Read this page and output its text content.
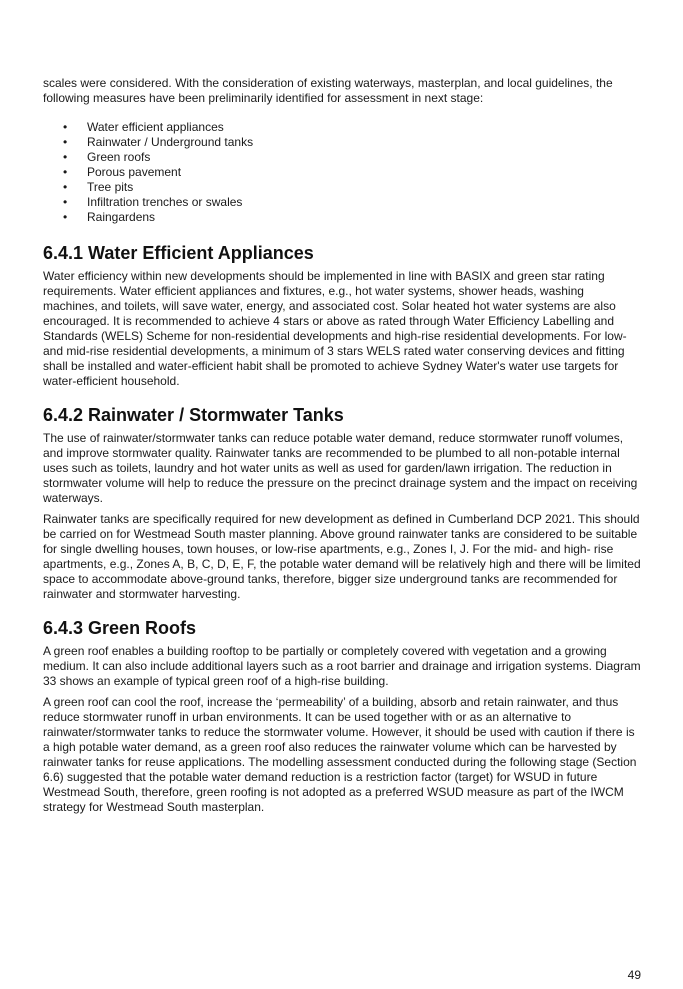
scales were considered. With the consideration of existing waterways, masterplan, and local guidelines, the following measures have been preliminarily identified for assessment in next stage:

• Water efficient appliances
• Rainwater / Underground tanks
• Green roofs
• Porous pavement
• Tree pits
• Infiltration trenches or swales
• Raingardens
6.4.1 Water Efficient Appliances

Water efficiency within new developments should be implemented in line with BASIX and green star rating requirements. Water efficient appliances and fixtures, e.g., hot water systems, shower heads, washing machines, and toilets, will save water, energy, and associated cost. Solar heated hot water systems are also encouraged. It is recommended to achieve 4 stars or above as rated through Water Efficiency Labelling and Standards (WELS) Scheme for non-residential developments and high-rise residential developments. For low- and mid-rise residential developments, a minimum of 3 stars WELS rated water conserving devices and fitting shall be installed and water-efficient habit shall be promoted to achieve Sydney Water's water use targets for water-efficient household.

6.4.2 Rainwater / Stormwater Tanks

The use of rainwater/stormwater tanks can reduce potable water demand, reduce stormwater runoff volumes, and improve stormwater quality. Rainwater tanks are recommended to be plumbed to all non-potable internal uses such as toilets, laundry and hot water units as well as used for garden/lawn irrigation. The reduction in stormwater volume will help to reduce the pressure on the precinct drainage system and the impact on receiving waterways.

Rainwater tanks are specifically required for new development as defined in Cumberland DCP 2021. This should be carried on for Westmead South master planning. Above ground rainwater tanks are considered to be suitable for single dwelling houses, town houses, or low-rise apartments, e.g., Zones I, J. For the mid- and high- rise apartments, e.g., Zones A, B, C, D, E, F, the potable water demand will be relatively high and there will be limited space to accommodate above-ground tanks, therefore, bigger size underground tanks are recommended for rainwater and stormwater harvesting.

6.4.3 Green Roofs

A green roof enables a building rooftop to be partially or completely covered with vegetation and a growing medium. It can also include additional layers such as a root barrier and drainage and irrigation systems. Diagram 33 shows an example of typical green roof of a high-rise building.

A green roof can cool the roof, increase the ‘permeability’ of a building, absorb and retain rainwater, and thus reduce stormwater runoff in urban environments. It can be used together with or as an alternative to rainwater/stormwater tanks to reduce the stormwater volume. However, it should be used with caution if there is a high potable water demand, as a green roof also reduces the rainwater volume which can be harvested by rainwater tanks for reuse applications. The modelling assessment conducted during the following stage (Section 6.6) suggested that the potable water demand reduction is a restriction factor (target) for WSUD in future Westmead South, therefore, green roofing is not adopted as a preferred WSUD measure as part of the IWCM strategy for Westmead South masterplan.

49
